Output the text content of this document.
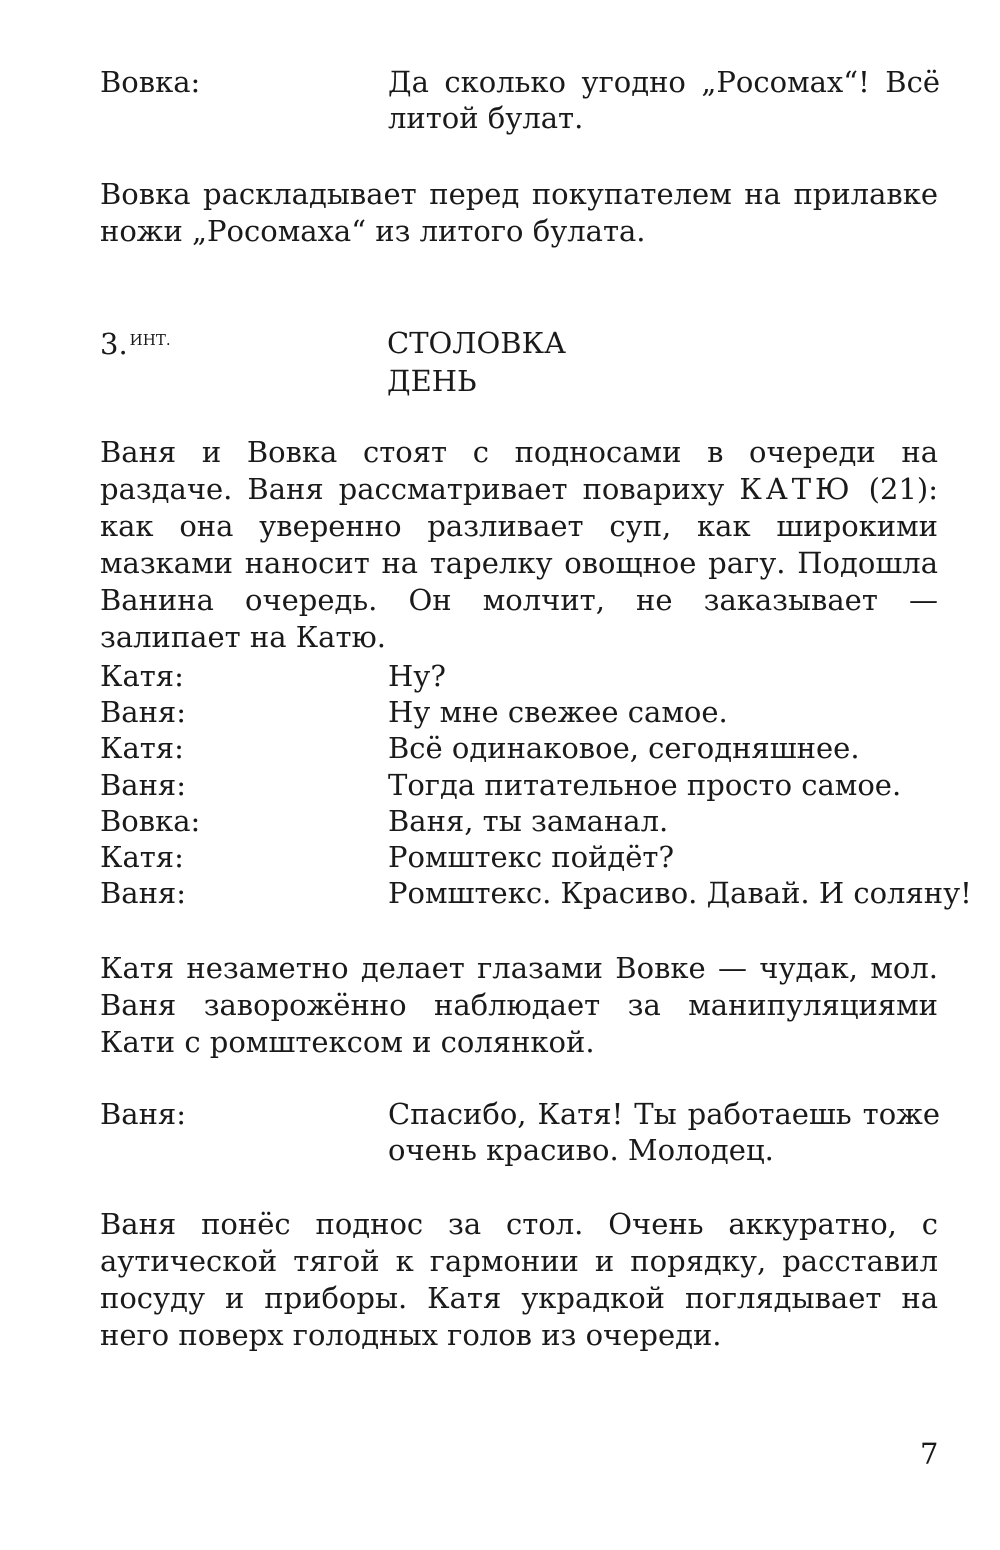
Вовка:	Да сколько угодно „Росомах“! Всё литой булат.

Вовка раскладывает перед покупателем на прилавке ножи „Росомаха“ из литого булата.

3. $^{ИНТ.}$	СТОЛОВКА
ДЕНЬ

Ваня и Вовка стоят с подносами в очереди на раздаче. Ваня рассматривает повариху КАТЮ (21): как она уверенно разливает суп, как широкими мазками наносит на тарелку овощное рагу. Подошла Ванина очередь. Он молчит, не заказывает — залипает на Катю.

Катя:	Ну?
Ваня:	Ну мне свежее самое.
Катя:	Всё одинаковое, сегодняшнее.
Ваня:	Тогда питательное просто самое.
Вовка:	Ваня, ты заманал.
Катя:	Ромштекс пойдёт?
Ваня:	Ромштекс. Красиво. Давай. И соляну!

Катя незаметно делает глазами Вовке — чудак, мол. Ваня заворожённо наблюдает за манипуляциями Кати с ромштексом и солянкой.

Ваня:	Спасибо, Катя! Ты работаешь тоже очень красиво. Молодец.

Ваня понёс поднос за стол. Очень аккуратно, с аутической тягой к гармонии и порядку, расставил посуду и приборы. Катя украдкой поглядывает на него поверх голодных голов из очереди.

7
